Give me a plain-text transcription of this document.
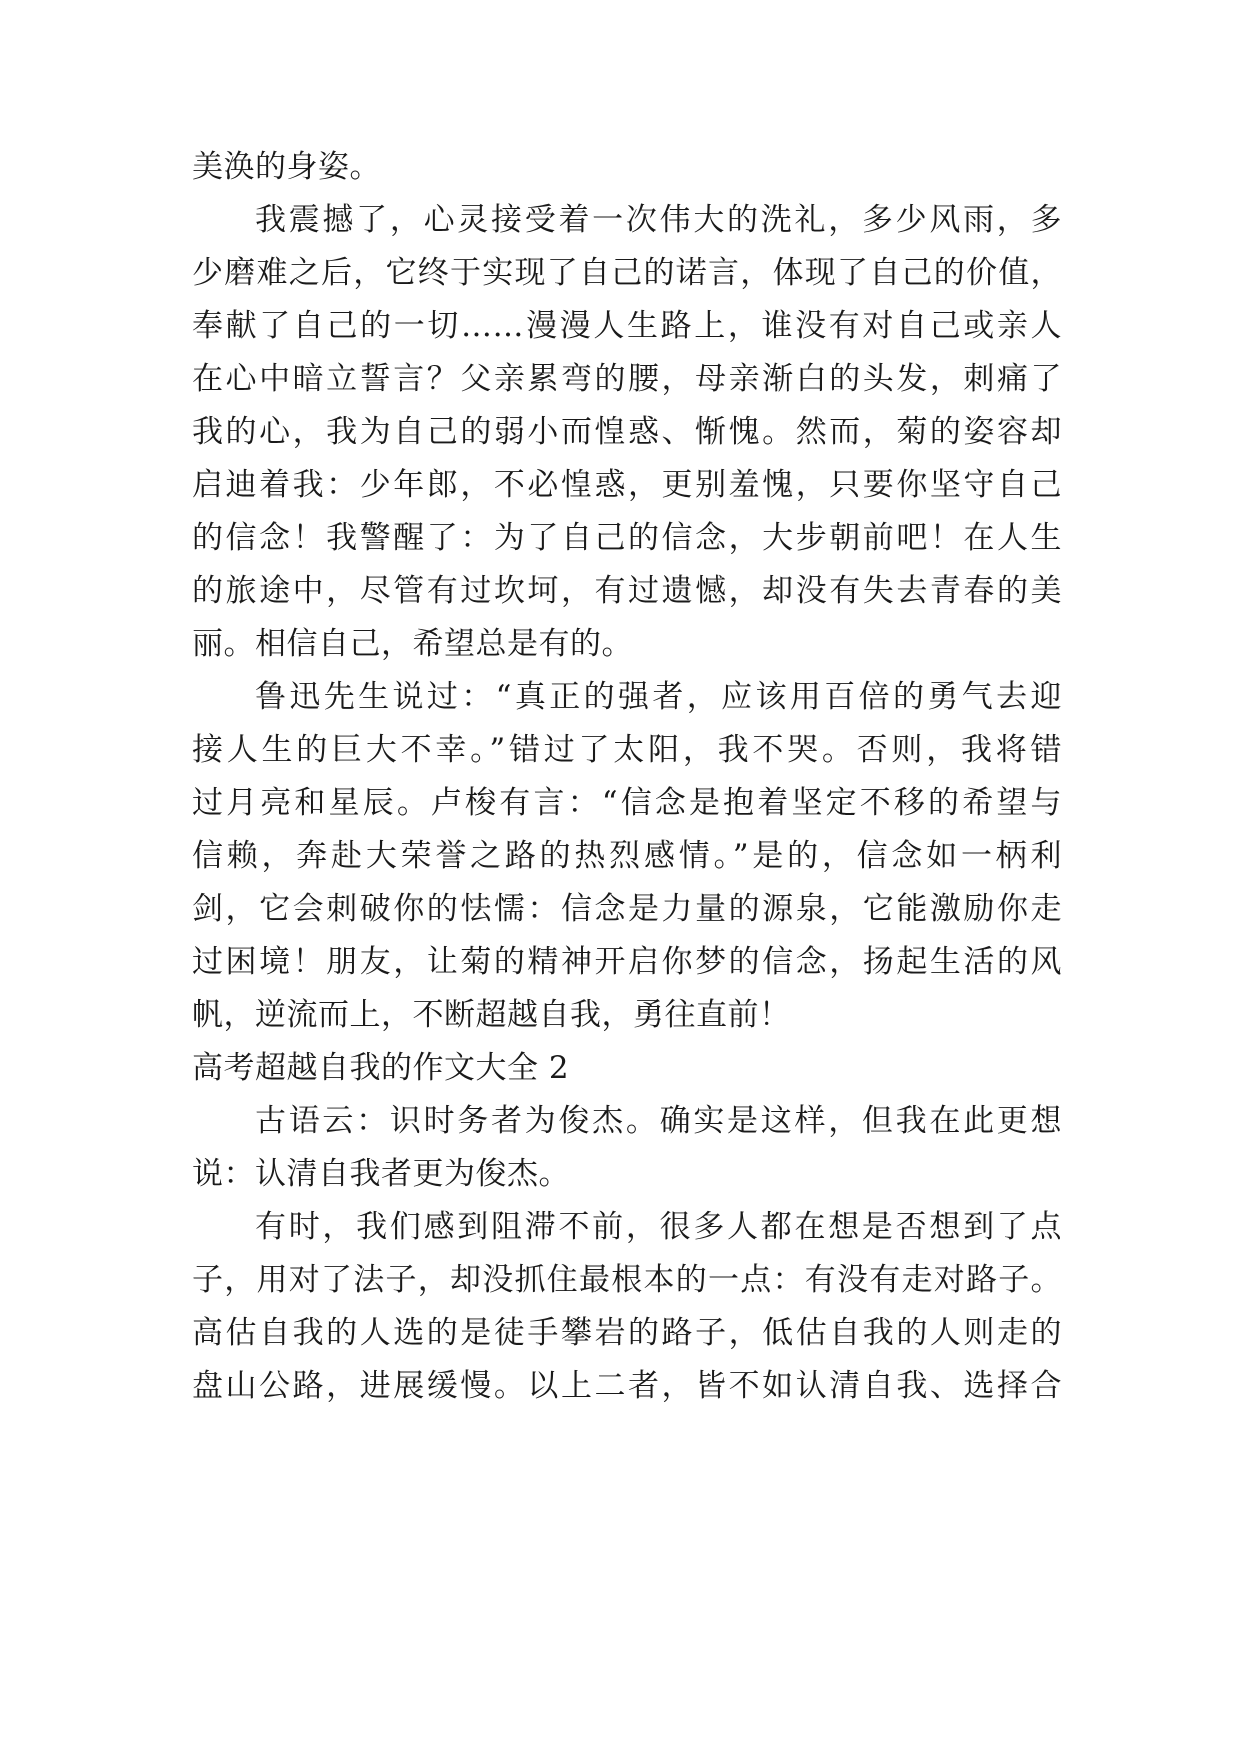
美涣的身姿。
我震撼了，心灵接受着一次伟大的洗礼，多少风雨，多
少磨难之后，它终于实现了自己的诺言，体现了自己的价值，
奉献了自己的一切……漫漫人生路上，谁没有对自己或亲人
在心中暗立誓言？父亲累弯的腰，母亲渐白的头发，刺痛了
我的心，我为自己的弱小而惶惑、惭愧。然而，菊的姿容却
启迪着我：少年郎，不必惶惑，更别羞愧，只要你坚守自己
的信念！我警醒了：为了自己的信念，大步朝前吧！在人生
的旅途中，尽管有过坎坷，有过遗憾，却没有失去青春的美
丽。相信自己，希望总是有的。
鲁迅先生说过：“真正的强者，应该用百倍的勇气去迎
接人生的巨大不幸。”错过了太阳，我不哭。否则，我将错
过月亮和星辰。卢梭有言：“信念是抱着坚定不移的希望与
信赖，奔赴大荣誉之路的热烈感情。”是的，信念如一柄利
剑，它会刺破你的怯懦：信念是力量的源泉，它能激励你走
过困境！朋友，让菊的精神开启你梦的信念，扬起生活的风
帆，逆流而上，不断超越自我，勇往直前！
高考超越自我的作文大全 2
古语云：识时务者为俊杰。确实是这样，但我在此更想
说：认清自我者更为俊杰。
有时，我们感到阻滞不前，很多人都在想是否想到了点
子，用对了法子，却没抓住最根本的一点：有没有走对路子。
高估自我的人选的是徒手攀岩的路子，低估自我的人则走的
盘山公路，进展缓慢。以上二者，皆不如认清自我、选择合
